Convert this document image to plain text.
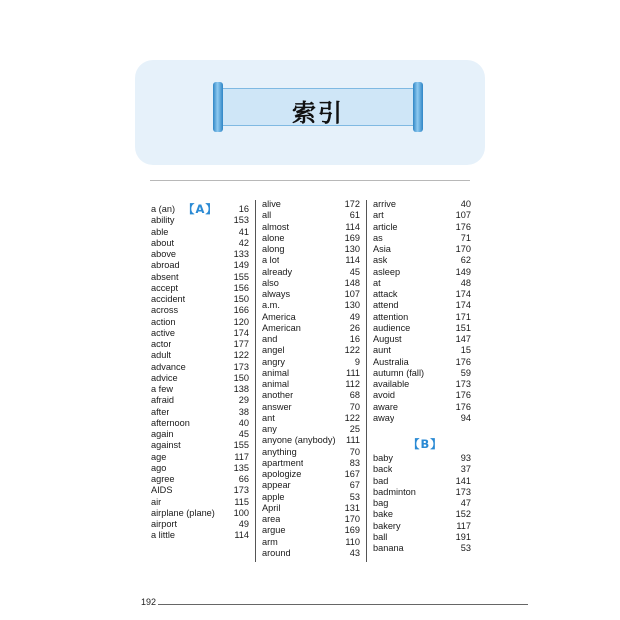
索引
【A】
a (an)	16
ability	153
able	41
about	42
above	133
abroad	149
absent	155
accept	156
accident	150
across	166
action	120
active	174
actor	177
adult	122
advance	173
advice	150
a few	138
afraid	29
after	38
afternoon	40
again	45
against	155
age	117
ago	135
agree	66
AIDS	173
air	115
airplane (plane)	100
airport	49
a little	114
alive	172
all	61
almost	114
alone	169
along	130
a lot	114
already	45
also	148
always	107
a.m.	130
America	49
American	26
and	16
angel	122
angry	9
animal	111
animal	112
another	68
answer	70
ant	122
any	25
anyone (anybody)	111
anything	70
apartment	83
apologize	167
appear	67
apple	53
April	131
area	170
argue	169
arm	110
around	43
arrive	40
art	107
article	176
as	71
Asia	170
ask	62
asleep	149
at	48
attack	174
attend	174
attention	171
audience	151
August	147
aunt	15
Australia	176
autumn (fall)	59
available	173
avoid	176
aware	176
away	94
【B】
baby	93
back	37
bad	141
badminton	173
bag	47
bake	152
bakery	117
ball	191
banana	53
192
